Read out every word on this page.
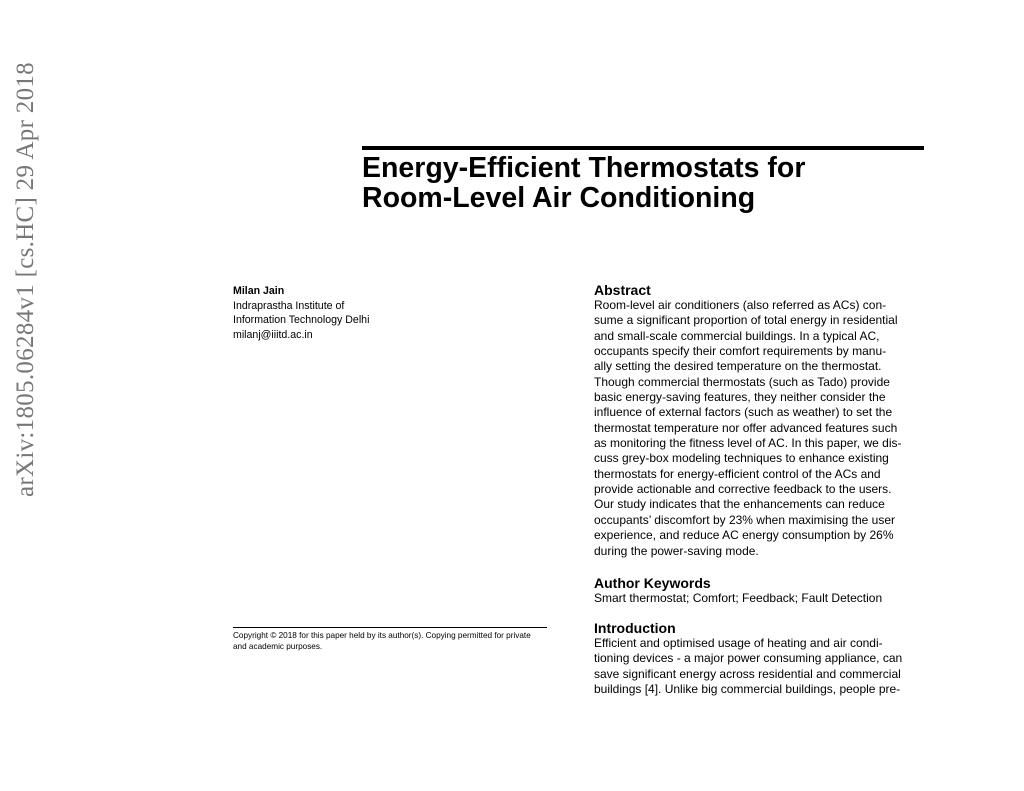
arXiv:1805.06284v1 [cs.HC] 29 Apr 2018	Energy-Efficient Thermostats for
Room-Level Air Conditioning
Milan Jain
Indraprastha Institute of
Information Technology Delhi
milanj@iiitd.ac.in
Copyright © 2018 for this paper held by its author(s). Copying permitted for private
and academic purposes.
Abstract
Room-level air conditioners (also referred as ACs) con-
sume a significant proportion of total energy in residential
and small-scale commercial buildings. In a typical AC,
occupants specify their comfort requirements by manu-
ally setting the desired temperature on the thermostat.
Though commercial thermostats (such as Tado) provide
basic energy-saving features, they neither consider the
influence of external factors (such as weather) to set the
thermostat temperature nor offer advanced features such
as monitoring the fitness level of AC. In this paper, we dis-
cuss grey-box modeling techniques to enhance existing
thermostats for energy-efficient control of the ACs and
provide actionable and corrective feedback to the users.
Our study indicates that the enhancements can reduce
occupants’ discomfort by 23% when maximising the user
experience, and reduce AC energy consumption by 26%
during the power-saving mode.
Author Keywords
Smart thermostat; Comfort; Feedback; Fault Detection
Introduction
Efficient and optimised usage of heating and air condi-
tioning devices - a major power consuming appliance, can
save significant energy across residential and commercial
buildings [4]. Unlike big commercial buildings, people pre-
